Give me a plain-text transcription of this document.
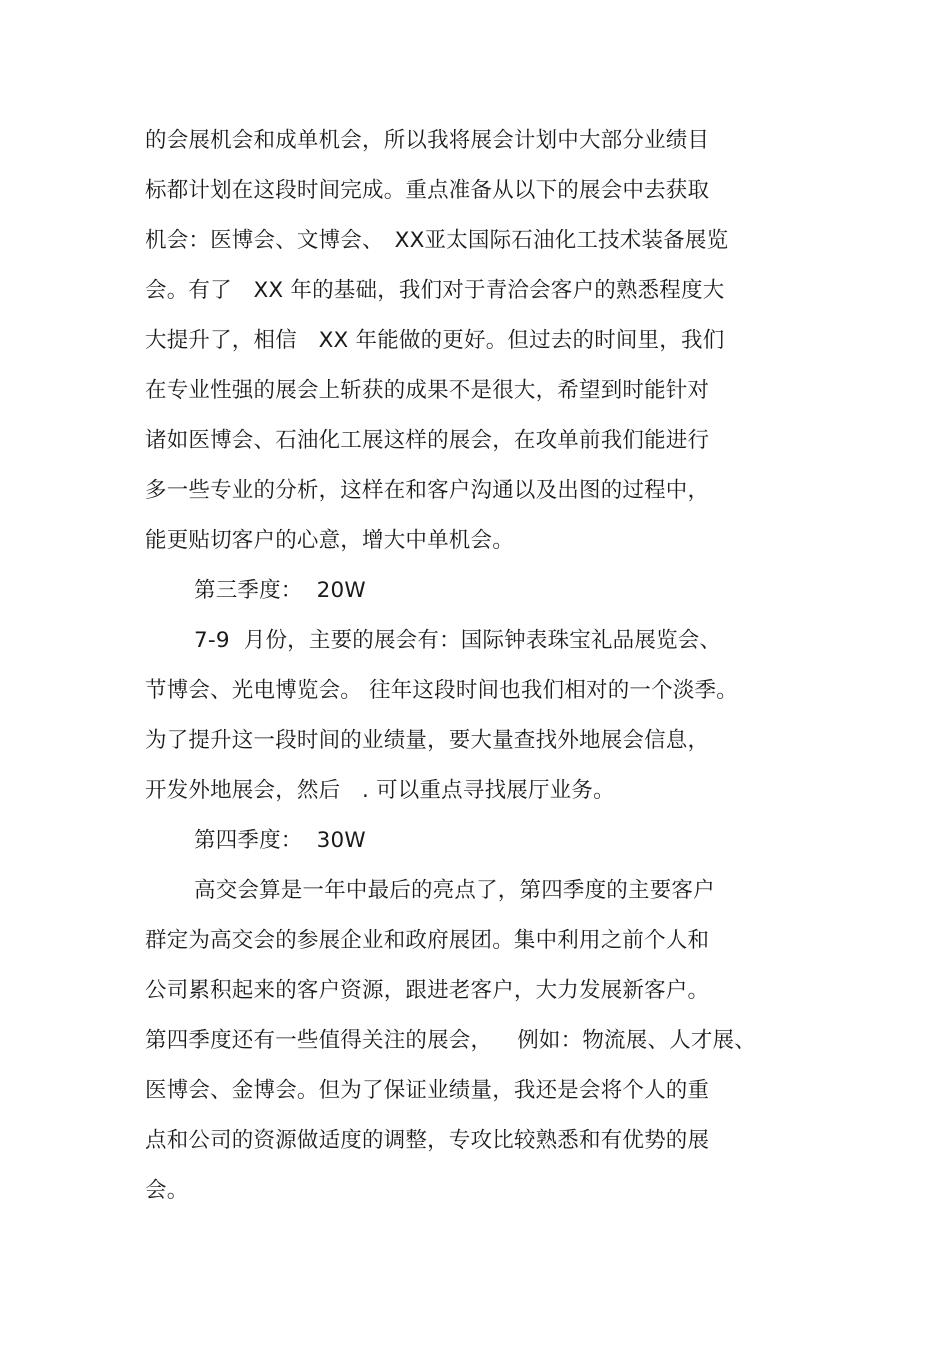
的会展机会和成单机会，所以我将展会计划中大部分业绩目
标都计划在这段时间完成。重点准备从以下的展会中去获取
机会：医博会、文博会、　XX亚太国际石油化工技术装备展览
会。有了　XX 年的基础，我们对于青洽会客户的熟悉程度大
大提升了，相信　XX 年能做的更好。但过去的时间里，我们
在专业性强的展会上斩获的成果不是很大，希望到时能针对
诸如医博会、石油化工展这样的展会，在攻单前我们能进行
多一些专业的分析，这样在和客户沟通以及出图的过程中，
能更贴切客户的心意，增大中单机会。
第三季度：  20W
7-9  月份，主要的展会有：国际钟表珠宝礼品展览会、
节博会、光电博览会。 往年这段时间也我们相对的一个淡季。
为了提升这一段时间的业绩量，要大量查找外地展会信息，
开发外地展会，然后　. 可以重点寻找展厅业务。
第四季度：  30W
高交会算是一年中最后的亮点了，第四季度的主要客户
群定为高交会的参展企业和政府展团。集中利用之前个人和
公司累积起来的客户资源，跟进老客户，大力发展新客户。
第四季度还有一些值得关注的展会，　  例如：物流展、人才展、
医博会、金博会。但为了保证业绩量，我还是会将个人的重
点和公司的资源做适度的调整，专攻比较熟悉和有优势的展
会。
